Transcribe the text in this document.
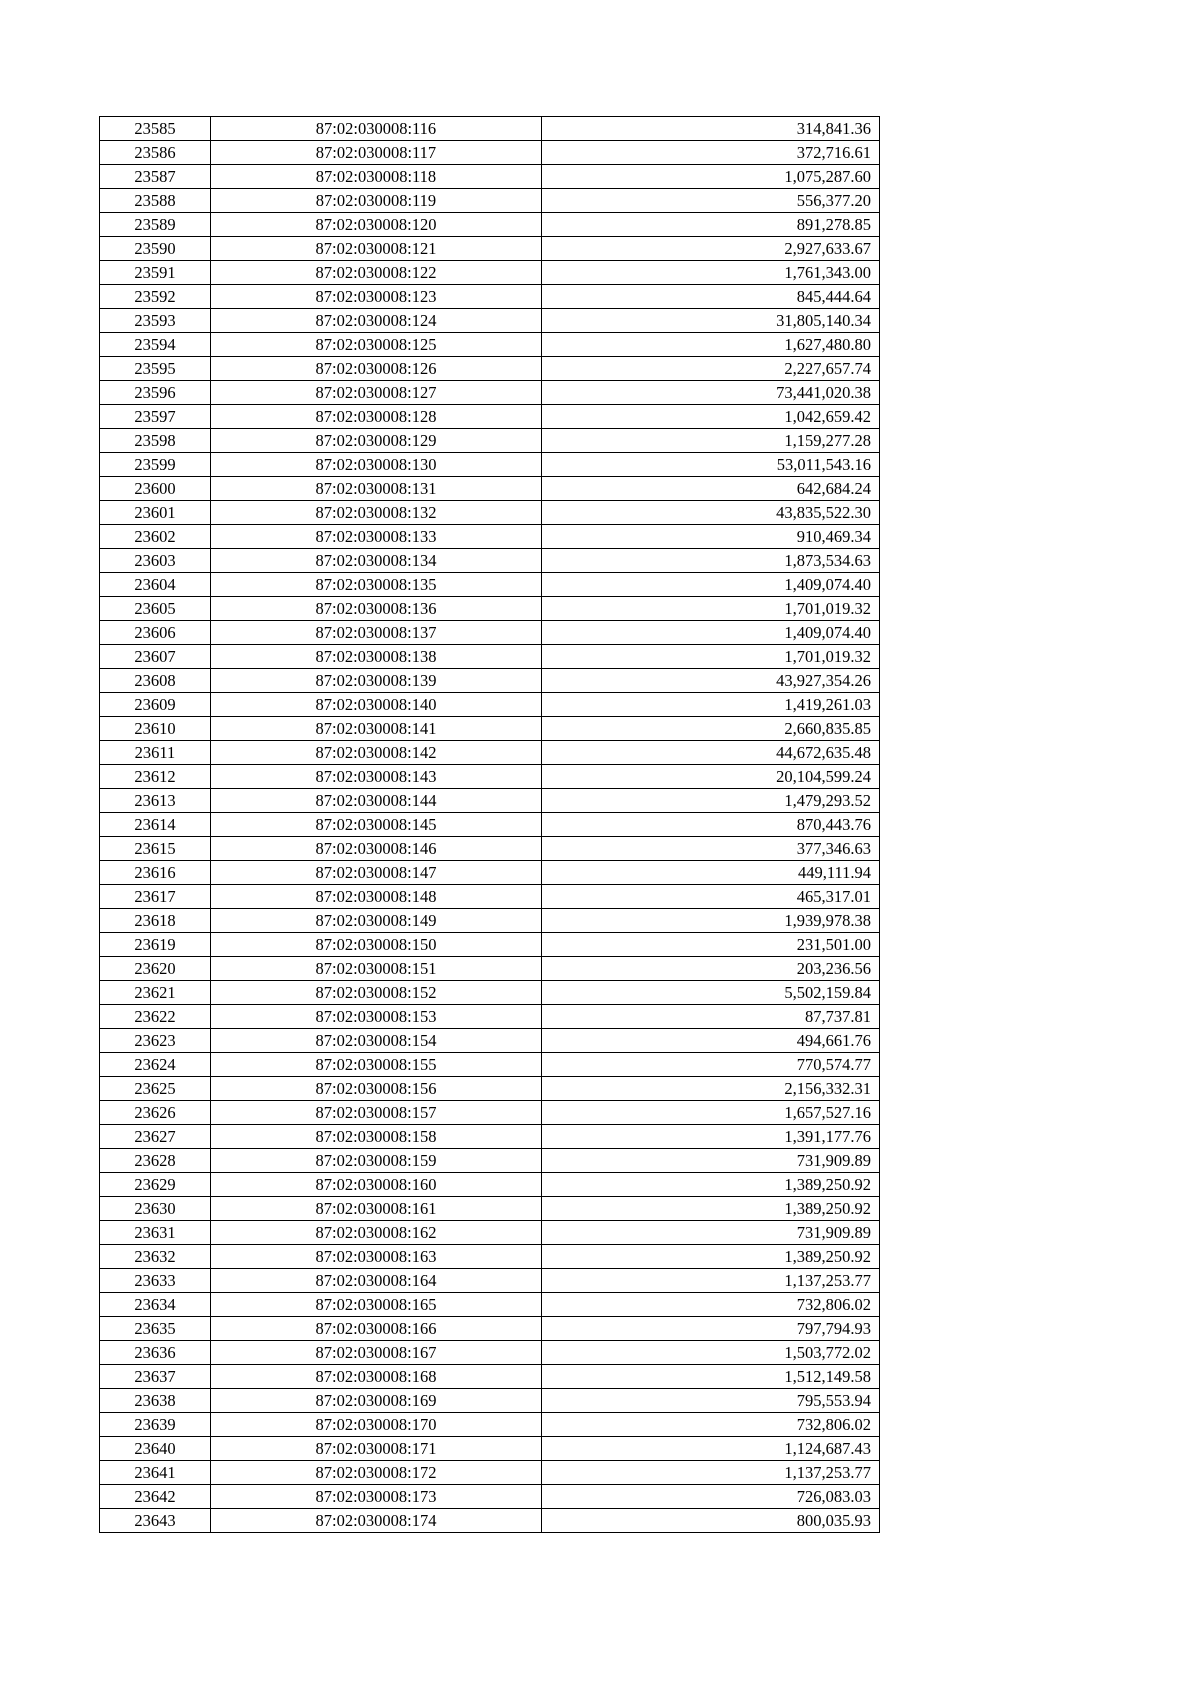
23585	87:02:030008:116	314,841.36
23586	87:02:030008:117	372,716.61
23587	87:02:030008:118	1,075,287.60
23588	87:02:030008:119	556,377.20
23589	87:02:030008:120	891,278.85
23590	87:02:030008:121	2,927,633.67
23591	87:02:030008:122	1,761,343.00
23592	87:02:030008:123	845,444.64
23593	87:02:030008:124	31,805,140.34
23594	87:02:030008:125	1,627,480.80
23595	87:02:030008:126	2,227,657.74
23596	87:02:030008:127	73,441,020.38
23597	87:02:030008:128	1,042,659.42
23598	87:02:030008:129	1,159,277.28
23599	87:02:030008:130	53,011,543.16
23600	87:02:030008:131	642,684.24
23601	87:02:030008:132	43,835,522.30
23602	87:02:030008:133	910,469.34
23603	87:02:030008:134	1,873,534.63
23604	87:02:030008:135	1,409,074.40
23605	87:02:030008:136	1,701,019.32
23606	87:02:030008:137	1,409,074.40
23607	87:02:030008:138	1,701,019.32
23608	87:02:030008:139	43,927,354.26
23609	87:02:030008:140	1,419,261.03
23610	87:02:030008:141	2,660,835.85
23611	87:02:030008:142	44,672,635.48
23612	87:02:030008:143	20,104,599.24
23613	87:02:030008:144	1,479,293.52
23614	87:02:030008:145	870,443.76
23615	87:02:030008:146	377,346.63
23616	87:02:030008:147	449,111.94
23617	87:02:030008:148	465,317.01
23618	87:02:030008:149	1,939,978.38
23619	87:02:030008:150	231,501.00
23620	87:02:030008:151	203,236.56
23621	87:02:030008:152	5,502,159.84
23622	87:02:030008:153	87,737.81
23623	87:02:030008:154	494,661.76
23624	87:02:030008:155	770,574.77
23625	87:02:030008:156	2,156,332.31
23626	87:02:030008:157	1,657,527.16
23627	87:02:030008:158	1,391,177.76
23628	87:02:030008:159	731,909.89
23629	87:02:030008:160	1,389,250.92
23630	87:02:030008:161	1,389,250.92
23631	87:02:030008:162	731,909.89
23632	87:02:030008:163	1,389,250.92
23633	87:02:030008:164	1,137,253.77
23634	87:02:030008:165	732,806.02
23635	87:02:030008:166	797,794.93
23636	87:02:030008:167	1,503,772.02
23637	87:02:030008:168	1,512,149.58
23638	87:02:030008:169	795,553.94
23639	87:02:030008:170	732,806.02
23640	87:02:030008:171	1,124,687.43
23641	87:02:030008:172	1,137,253.77
23642	87:02:030008:173	726,083.03
23643	87:02:030008:174	800,035.93
